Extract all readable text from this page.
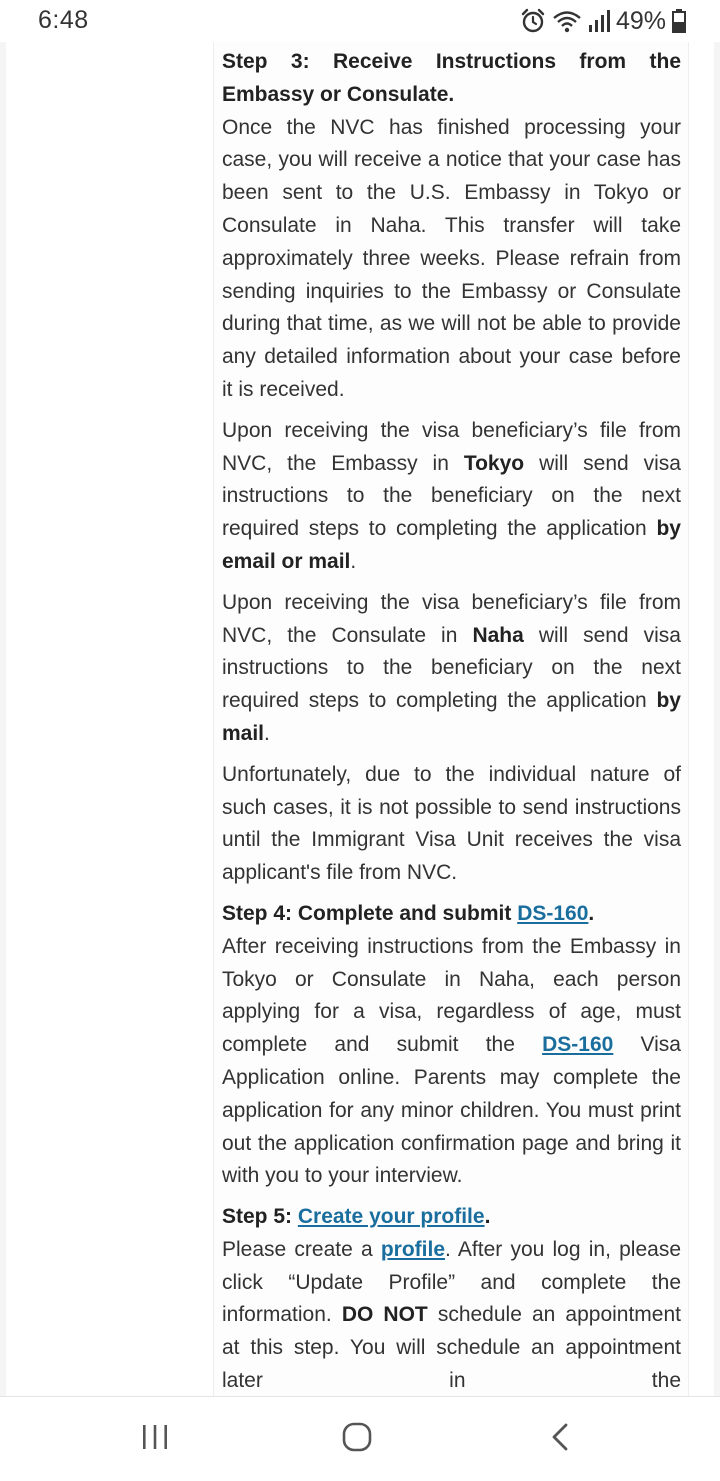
6:48	49%

Step 3: Receive Instructions from the Embassy or Consulate.

Once the NVC has finished processing your case, you will receive a notice that your case has been sent to the U.S. Embassy in Tokyo or Consulate in Naha. This transfer will take approximately three weeks. Please refrain from sending inquiries to the Embassy or Consulate during that time, as we will not be able to provide any detailed information about your case before it is received.

Upon receiving the visa beneficiary’s file from NVC, the Embassy in Tokyo will send visa instructions to the beneficiary on the next required steps to completing the application by email or mail.

Upon receiving the visa beneficiary’s file from NVC, the Consulate in Naha will send visa instructions to the beneficiary on the next required steps to completing the application by mail.

Unfortunately, due to the individual nature of such cases, it is not possible to send instructions until the Immigrant Visa Unit receives the visa applicant's file from NVC.

Step 4: Complete and submit DS-160.

After receiving instructions from the Embassy in Tokyo or Consulate in Naha, each person applying for a visa, regardless of age, must complete and submit the DS-160 Visa Application online. Parents may complete the application for any minor children. You must print out the application confirmation page and bring it with you to your interview.

Step 5: Create your profile.

Please create a profile. After you log in, please click “Update Profile” and complete the information. DO NOT schedule an appointment at this step. You will schedule an appointment later in the
